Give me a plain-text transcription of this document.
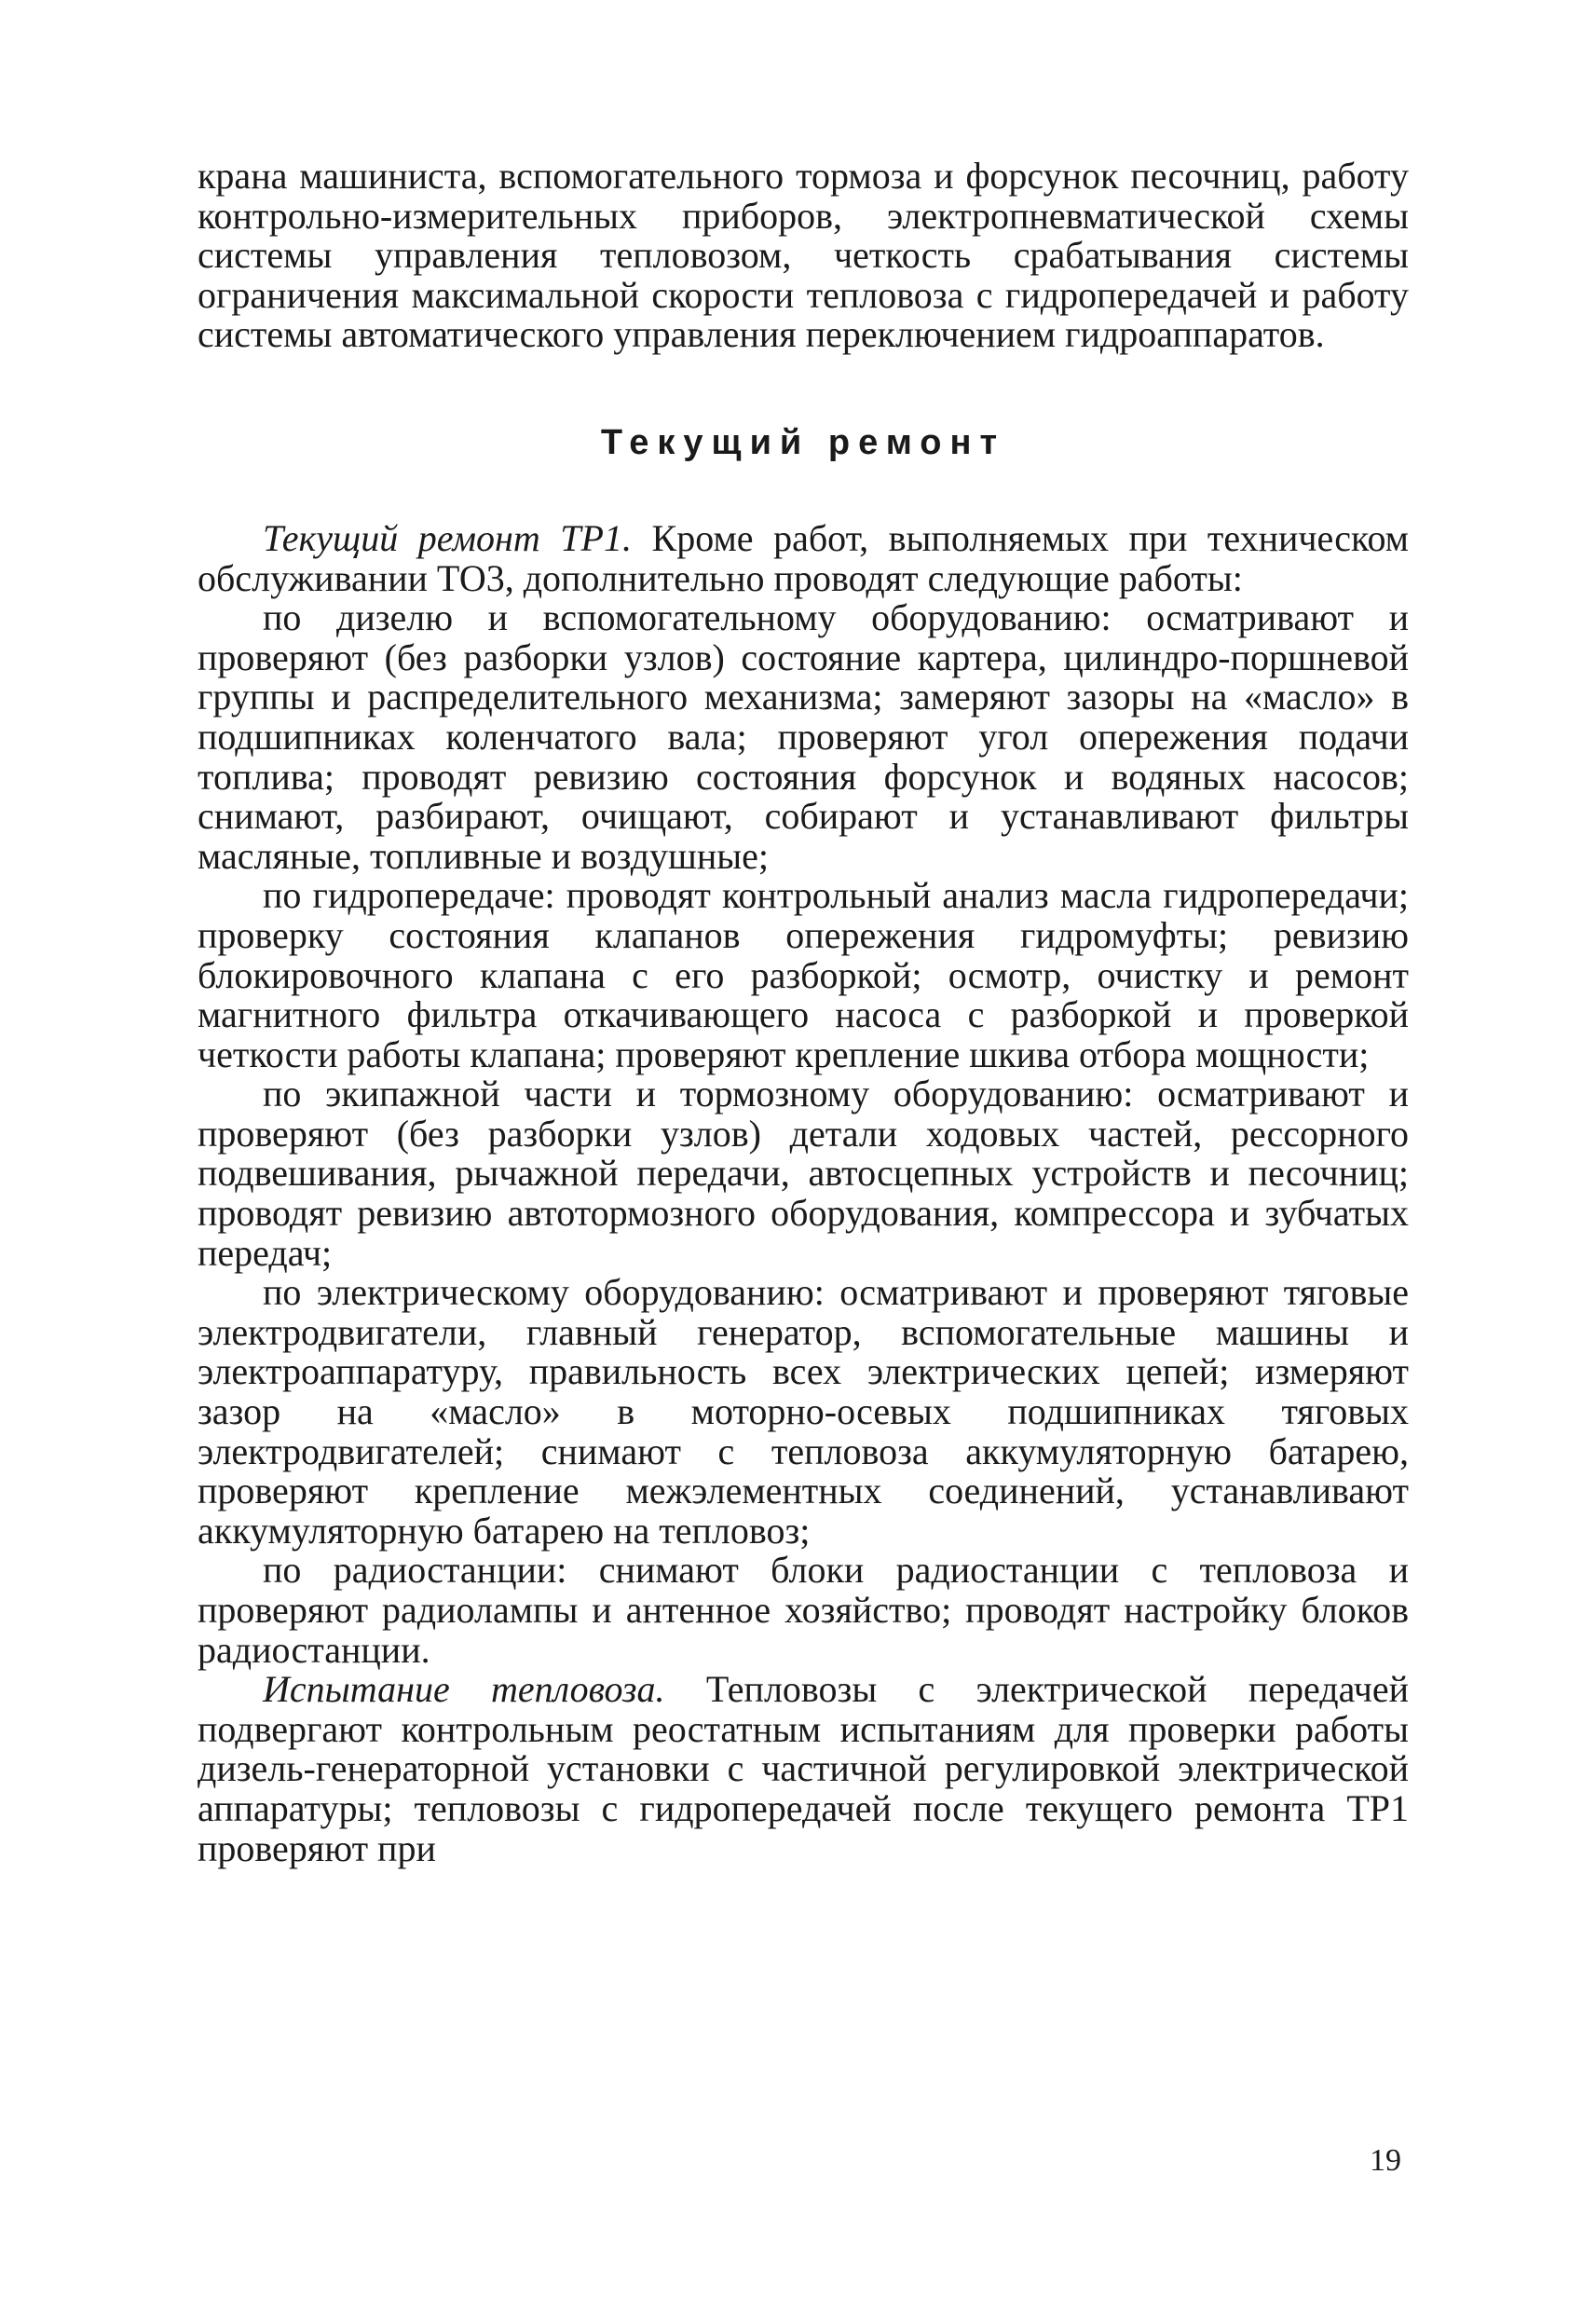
крана машиниста, вспомогательного тормоза и форсунок песочниц, работу контрольно-измерительных приборов, электропневматической схемы системы управления тепловозом, четкость срабатывания системы ограничения максимальной скорости тепловоза с гидропередачей и работу системы автоматического управления переключением гидроаппаратов.

Текущий ремонт

Текущий ремонт ТР1. Кроме работ, выполняемых при техническом обслуживании ТО3, дополнительно проводят следующие работы:

по дизелю и вспомогательному оборудованию: осматривают и проверяют (без разборки узлов) состояние картера, цилиндро-поршневой группы и распределительного механизма; замеряют зазоры на «масло» в подшипниках коленчатого вала; проверяют угол опережения подачи топлива; проводят ревизию состояния форсунок и водяных насосов; снимают, разбирают, очищают, собирают и устанавливают фильтры масляные, топливные и воздушные;

по гидропередаче: проводят контрольный анализ масла гидропередачи; проверку состояния клапанов опережения гидромуфты; ревизию блокировочного клапана с его разборкой; осмотр, очистку и ремонт магнитного фильтра откачивающего насоса с разборкой и проверкой четкости работы клапана; проверяют крепление шкива отбора мощности;

по экипажной части и тормозному оборудованию: осматривают и проверяют (без разборки узлов) детали ходовых частей, рессорного подвешивания, рычажной передачи, автосцепных устройств и песочниц; проводят ревизию автотормозного оборудования, компрессора и зубчатых передач;

по электрическому оборудованию: осматривают и проверяют тяговые электродвигатели, главный генератор, вспомогательные машины и электроаппаратуру, правильность всех электрических цепей; измеряют зазор на «масло» в моторно-осевых подшипниках тяговых электродвигателей; снимают с тепловоза аккумуляторную батарею, проверяют крепление межэлементных соединений, устанавливают аккумуляторную батарею на тепловоз;

по радиостанции: снимают блоки радиостанции с тепловоза и проверяют радиолампы и антенное хозяйство; проводят настройку блоков радиостанции.

Испытание тепловоза. Тепловозы с электрической передачей подвергают контрольным реостатным испытаниям для проверки работы дизель-генераторной установки с частичной регулировкой электрической аппаратуры; тепловозы с гидропередачей после текущего ремонта ТР1 проверяют при

19
